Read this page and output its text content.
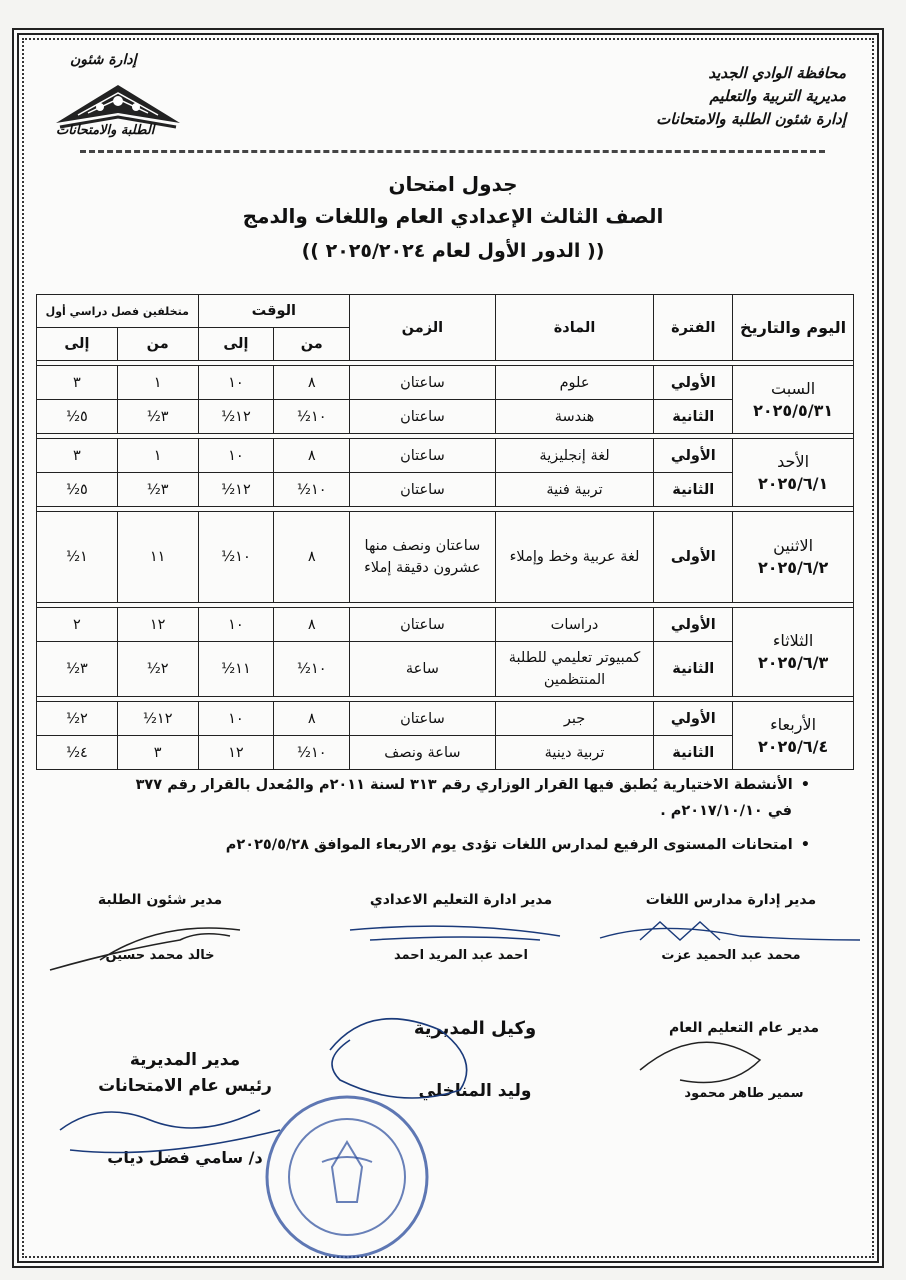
محافظة الوادي الجديد
مديرية التربية والتعليم
إدارة شئون الطلبة والامتحانات
إدارة شئون
الطلبة والامتحانات
جدول امتحان
الصف الثالث الإعدادي العام واللغات والدمج
(( الدور الأول لعام ٢٠٢٥/٢٠٢٤ ))
اليوم والتاريخ	الفترة	المادة	الزمن	الوقت		متخلفين فصل دراسي أول	
				من	إلى	من	إلى

السبت
٢٠٢٥/٥/٣١	الأولي	علوم	ساعتان	٨	١٠	١	٣
	الثانية	هندسة	ساعتان	١٠½	١٢½	٣½	٥½

الأحد
٢٠٢٥/٦/١	الأولي	لغة إنجليزية	ساعتان	٨	١٠	١	٣
	الثانية	تربية فنية	ساعتان	١٠½	١٢½	٣½	٥½

الاثنين
٢٠٢٥/٦/٢	الأولى	لغة عربية وخط وإملاء	ساعتان ونصف منها عشرون دقيقة إملاء	٨	١٠½	١١	١½

الثلاثاء
٢٠٢٥/٦/٣	الأولي	دراسات	ساعتان	٨	١٠	١٢	٢
	الثانية	كمبيوتر تعليمي للطلبة المنتظمين	ساعة	١٠½	١١½	٢½	٣½

الأربعاء
٢٠٢٥/٦/٤	الأولي	جبر	ساعتان	٨	١٠	١٢½	٢½
	الثانية	تربية دينية	ساعة ونصف	١٠½	١٢	٣	٤½
•
الأنشطة الاختيارية يُطبق فيها القرار الوزاري رقم ٣١٣ لسنة ٢٠١١م والمُعدل بالقرار رقم ٣٧٧
في ٢٠١٧/١٠/١٠م .
•
امتحانات المستوى الرفيع لمدارس اللغات تؤدى يوم الاربعاء الموافق ٢٠٢٥/٥/٢٨م
مدير إدارة مدارس اللغات
محمد عبد الحميد عزت
مدير ادارة التعليم الاعدادي
احمد عبد المريد احمد
مدير شئون الطلبة
خالد محمد حسين
مدير عام التعليم العام
سمير طاهر محمود
وكيل المديرية
وليد المناخلي
مدير المديرية
رئيس عام الامتحانات
د/ سامي فضل دياب
